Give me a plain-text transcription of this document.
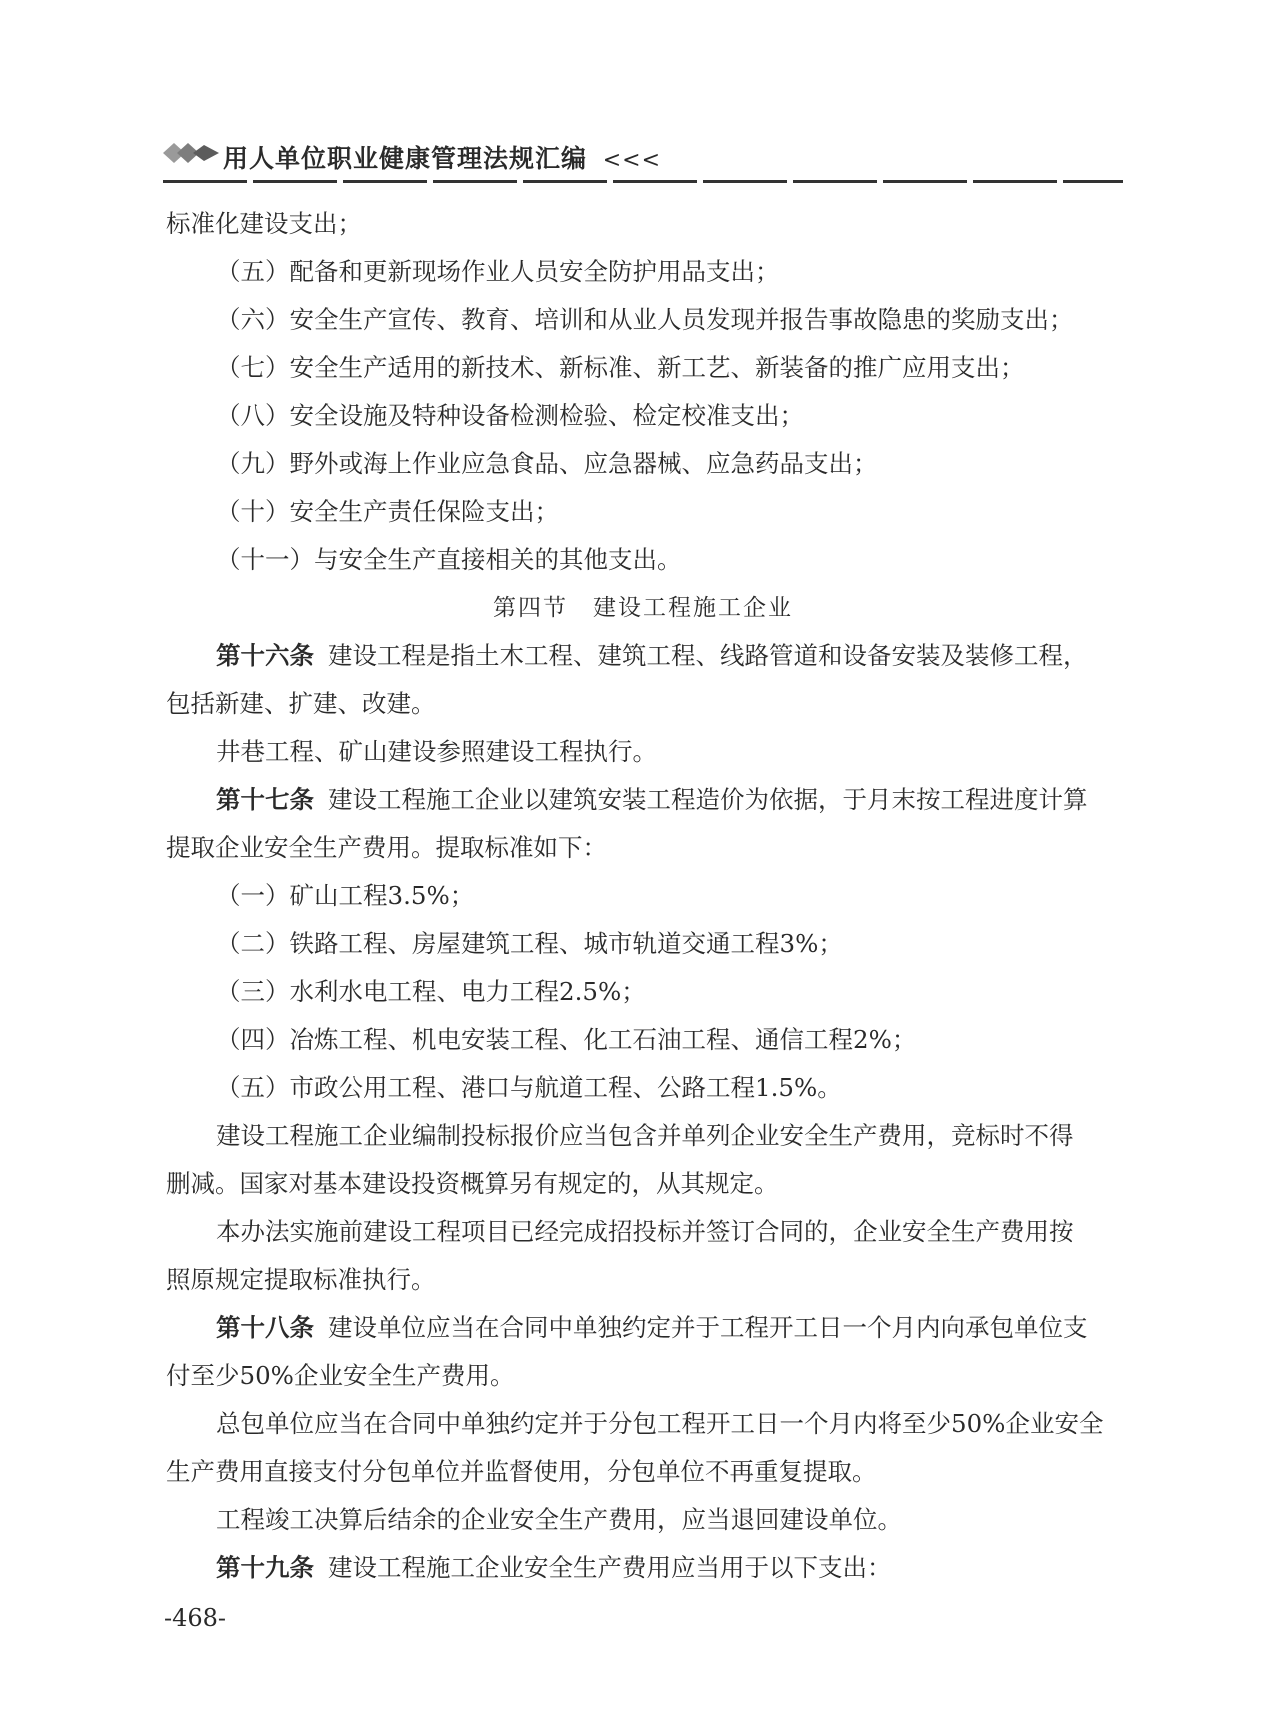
用人单位职业健康管理法规汇编 <<<

标准化建设支出；

（五）配备和更新现场作业人员安全防护用品支出；

（六）安全生产宣传、教育、培训和从业人员发现并报告事故隐患的奖励支出；

（七）安全生产适用的新技术、新标准、新工艺、新装备的推广应用支出；

（八）安全设施及特种设备检测检验、检定校准支出；

（九）野外或海上作业应急食品、应急器械、应急药品支出；

（十）安全生产责任保险支出；

（十一）与安全生产直接相关的其他支出。

第四节　建设工程施工企业

第十六条 建设工程是指土木工程、建筑工程、线路管道和设备安装及装修工程，

包括新建、扩建、改建。

井巷工程、矿山建设参照建设工程执行。

第十七条 建设工程施工企业以建筑安装工程造价为依据，于月末按工程进度计算

提取企业安全生产费用。提取标准如下：

（一）矿山工程3.5%；

（二）铁路工程、房屋建筑工程、城市轨道交通工程3%；

（三）水利水电工程、电力工程2.5%；

（四）冶炼工程、机电安装工程、化工石油工程、通信工程2%；

（五）市政公用工程、港口与航道工程、公路工程1.5%。

建设工程施工企业编制投标报价应当包含并单列企业安全生产费用，竞标时不得

删减。国家对基本建设投资概算另有规定的，从其规定。

本办法实施前建设工程项目已经完成招投标并签订合同的，企业安全生产费用按

照原规定提取标准执行。

第十八条 建设单位应当在合同中单独约定并于工程开工日一个月内向承包单位支

付至少50%企业安全生产费用。

总包单位应当在合同中单独约定并于分包工程开工日一个月内将至少50%企业安全

生产费用直接支付分包单位并监督使用，分包单位不再重复提取。

工程竣工决算后结余的企业安全生产费用，应当退回建设单位。

第十九条 建设工程施工企业安全生产费用应当用于以下支出：

-468-
